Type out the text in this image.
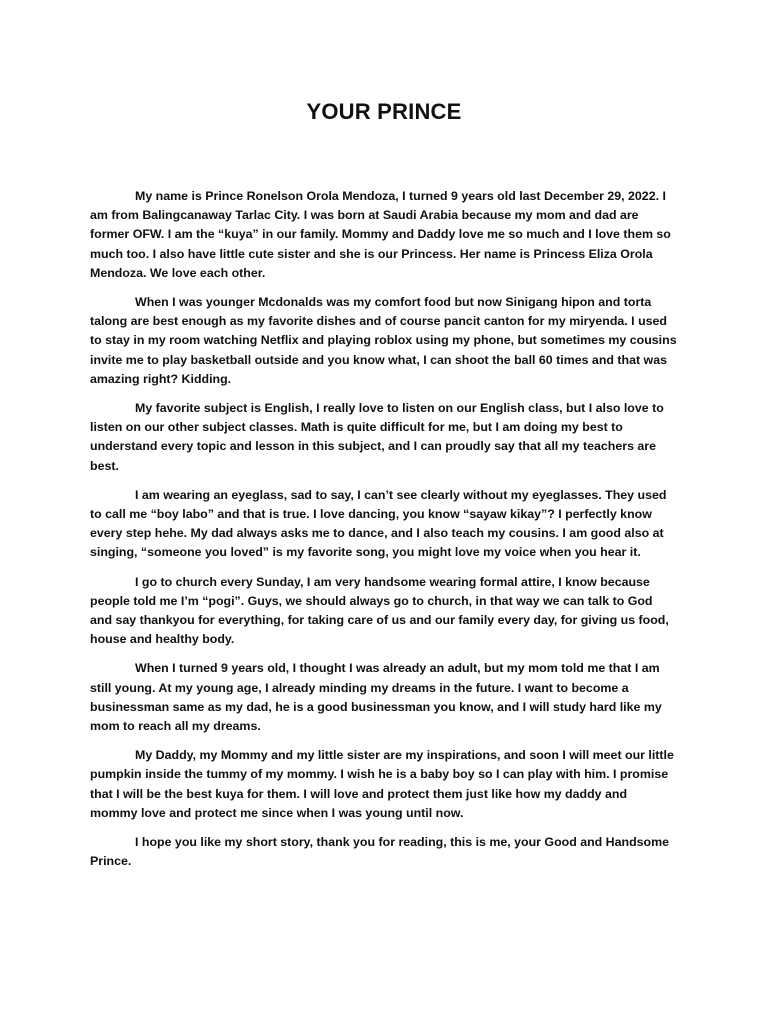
YOUR PRINCE

My name is Prince Ronelson Orola Mendoza, I turned 9 years old last December 29, 2022. I am from Balingcanaway Tarlac City. I was born at Saudi Arabia because my mom and dad are former OFW. I am the “kuya” in our family. Mommy and Daddy love me so much and I love them so much too. I also have little cute sister and she is our Princess. Her name is Princess Eliza Orola Mendoza. We love each other.

When I was younger Mcdonalds was my comfort food but now Sinigang hipon and torta talong are best enough as my favorite dishes and of course pancit canton for my miryenda. I used to stay in my room watching Netflix and playing roblox using my phone, but sometimes my cousins invite me to play basketball outside and you know what, I can shoot the ball 60 times and that was amazing right? Kidding.

My favorite subject is English, I really love to listen on our English class, but I also love to listen on our other subject classes. Math is quite difficult for me, but I am doing my best to understand every topic and lesson in this subject, and I can proudly say that all my teachers are best.

I am wearing an eyeglass, sad to say, I can’t see clearly without my eyeglasses. They used to call me “boy labo” and that is true. I love dancing, you know “sayaw kikay”? I perfectly know every step hehe. My dad always asks me to dance, and I also teach my cousins. I am good also at singing, “someone you loved” is my favorite song, you might love my voice when you hear it.

I go to church every Sunday, I am very handsome wearing formal attire, I know because people told me I’m “pogi”. Guys, we should always go to church, in that way we can talk to God and say thankyou for everything, for taking care of us and our family every day, for giving us food, house and healthy body.

When I turned 9 years old, I thought I was already an adult, but my mom told me that I am still young. At my young age, I already minding my dreams in the future. I want to become a businessman same as my dad, he is a good businessman you know, and I will study hard like my mom to reach all my dreams.

My Daddy, my Mommy and my little sister are my inspirations, and soon I will meet our little pumpkin inside the tummy of my mommy. I wish he is a baby boy so I can play with him. I promise that I will be the best kuya for them. I will love and protect them just like how my daddy and mommy love and protect me since when I was young until now.

I hope you like my short story, thank you for reading, this is me, your Good and Handsome Prince.
